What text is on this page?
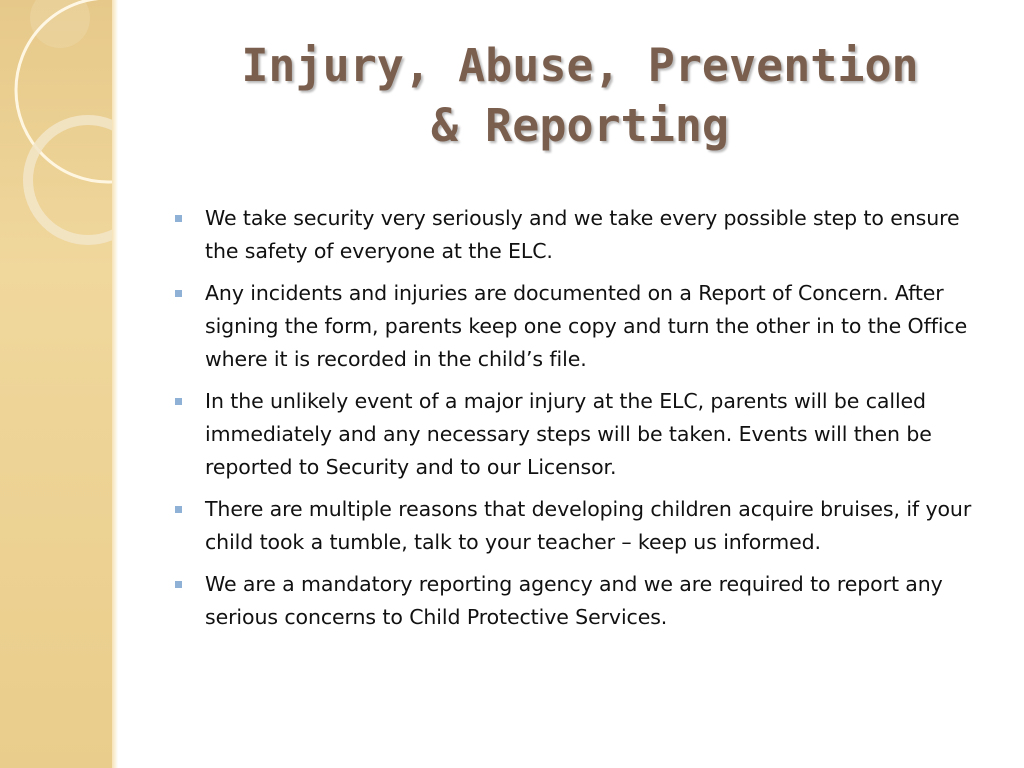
Injury, Abuse, Prevention
& Reporting
We take security very seriously and we take every possible step to ensure the safety of everyone at the ELC.
Any incidents and injuries are documented on a Report of Concern. After signing the form, parents keep one copy and turn the other in to the Office where it is recorded in the child’s file.
In the unlikely event of a major injury at the ELC, parents will be called immediately and any necessary steps will be taken. Events will then be reported to Security and to our Licensor.
There are multiple reasons that developing children acquire bruises, if your child took a tumble, talk to your teacher – keep us informed.
We are a mandatory reporting agency and we are required to report any serious concerns to Child Protective Services.
